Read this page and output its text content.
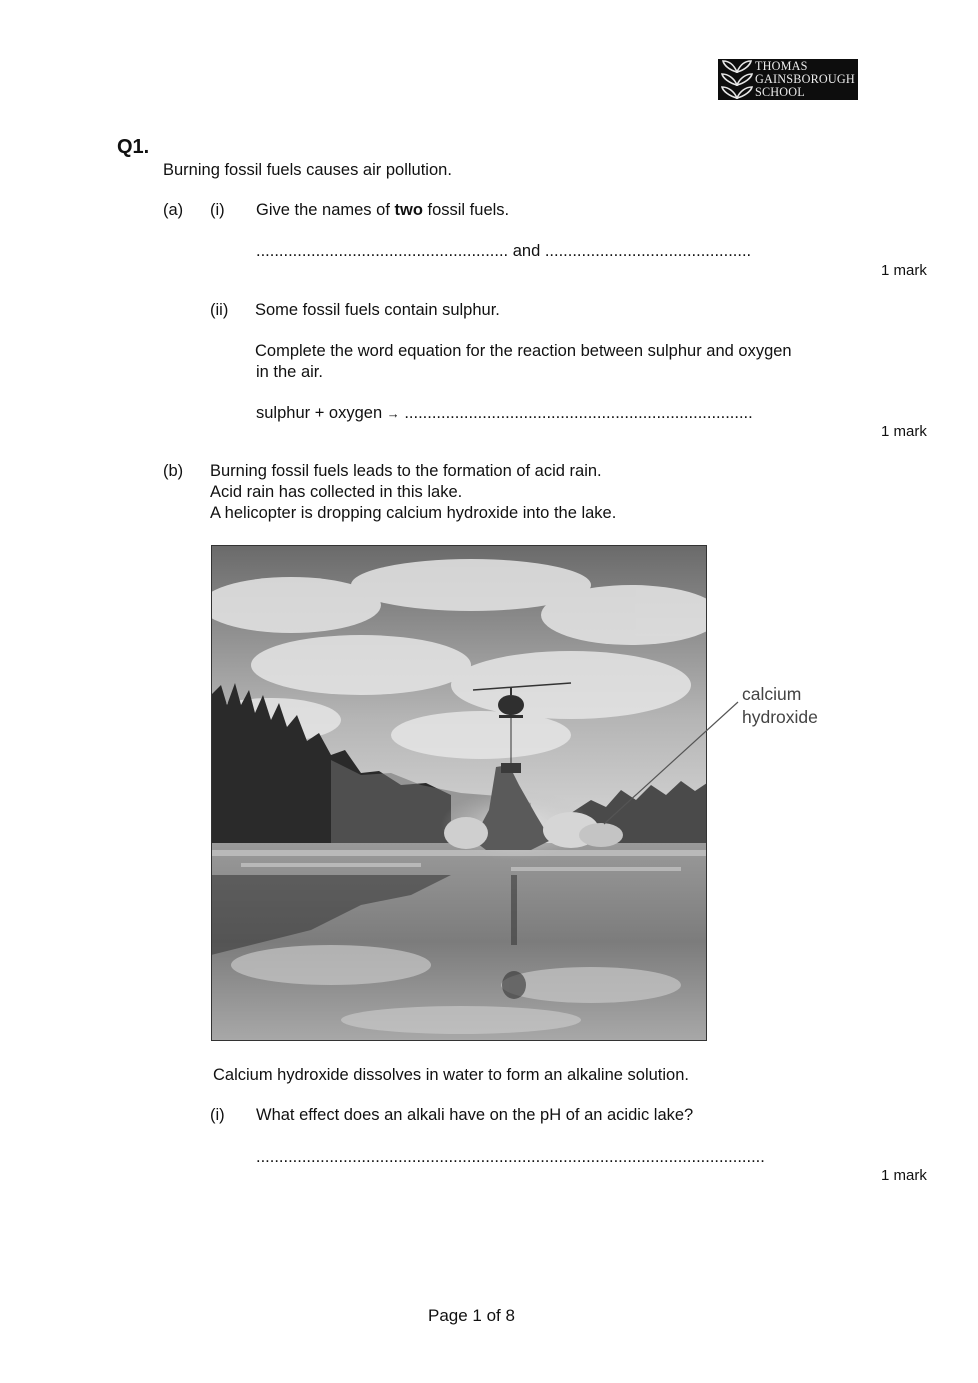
THOMAS
GAINSBOROUGH
SCHOOL
Q1.
Burning fossil fuels causes air pollution.
(a) (i) Give the names of two fossil fuels.
....................................................... and .............................................
1 mark
(ii) Some fossil fuels contain sulphur.
Complete the word equation for the reaction between sulphur and oxygen
in the air.
sulphur + oxygen → ............................................................................
1 mark
(b) Burning fossil fuels leads to the formation of acid rain.
Acid rain has collected in this lake.
A helicopter is dropping calcium hydroxide into the lake.
calcium
hydroxide
Calcium hydroxide dissolves in water to form an alkaline solution.
(i) What effect does an alkali have on the pH of an acidic lake?
...............................................................................................................
1 mark
Page 1 of 8
